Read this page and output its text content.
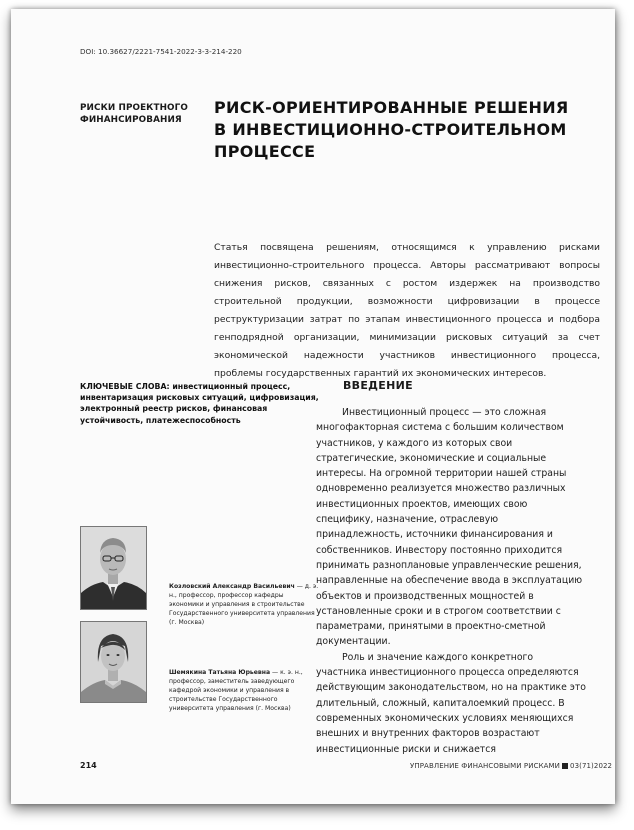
DOI: 10.36627/2221-7541-2022-3-3-214-220
РИСКИ ПРОЕКТНОГО
ФИНАНСИРОВАНИЯ
РИСК-ОРИЕНТИРОВАННЫЕ РЕШЕНИЯ
В ИНВЕСТИЦИОННО-СТРОИТЕЛЬНОМ
ПРОЦЕССЕ
Статья посвящена решениям, относящимся к управлению рисками инвестиционно-строительного процесса. Авторы рассматривают вопросы снижения рисков, связанных с ростом издержек на производство строительной продукции, возможности цифровизации в процессе реструктуризации затрат по этапам инвестиционного процесса и подбора генподрядной организации, минимизации рисковых ситуаций за счет экономической надежности участников инвестиционного процесса, проблемы государственных гарантий их экономических интересов.
КЛЮЧЕВЫЕ СЛОВА: инвестиционный процесс, инвентаризация рисковых ситуаций, цифровизация, электронный реестр рисков, финансовая устойчивость, платежеспособность
ВВЕДЕНИЕ

Инвестиционный процесс — это сложная многофакторная система с большим количеством участников, у каждого из которых свои стратегические, экономические и социальные интересы. На огромной территории нашей страны одновременно реализуется множество различных инвестиционных проектов, имеющих свою специфику, назначение, отраслевую принадлежность, источники финансирования и собственников. Инвестору постоянно приходится принимать разноплановые управленческие решения, направленные на обеспечение ввода в эксплуатацию объектов и производственных мощностей в установленные сроки и в строгом соответствии с параметрами, принятыми в проектно-сметной документации.

Роль и значение каждого конкретного участника инвестиционного процесса определяются действующим законодательством, но на практике это длительный, сложный, капиталоемкий процесс. В современных экономических условиях меняющихся внешних и внутренних факторов возрастают инвестиционные риски и снижается

Козловский Александр Васильевич — д. э. н., профессор, профессор кафедры экономики и управления в строительстве Государственного университета управления (г. Москва)
Шемякина Татьяна Юрьевна — к. э. н., профессор, заместитель заведующего кафедрой экономики и управления в строительстве Государственного университета управления (г. Москва)
214	УПРАВЛЕНИЕ ФИНАНСОВЫМИ РИСКАМИ 03(71)2022
